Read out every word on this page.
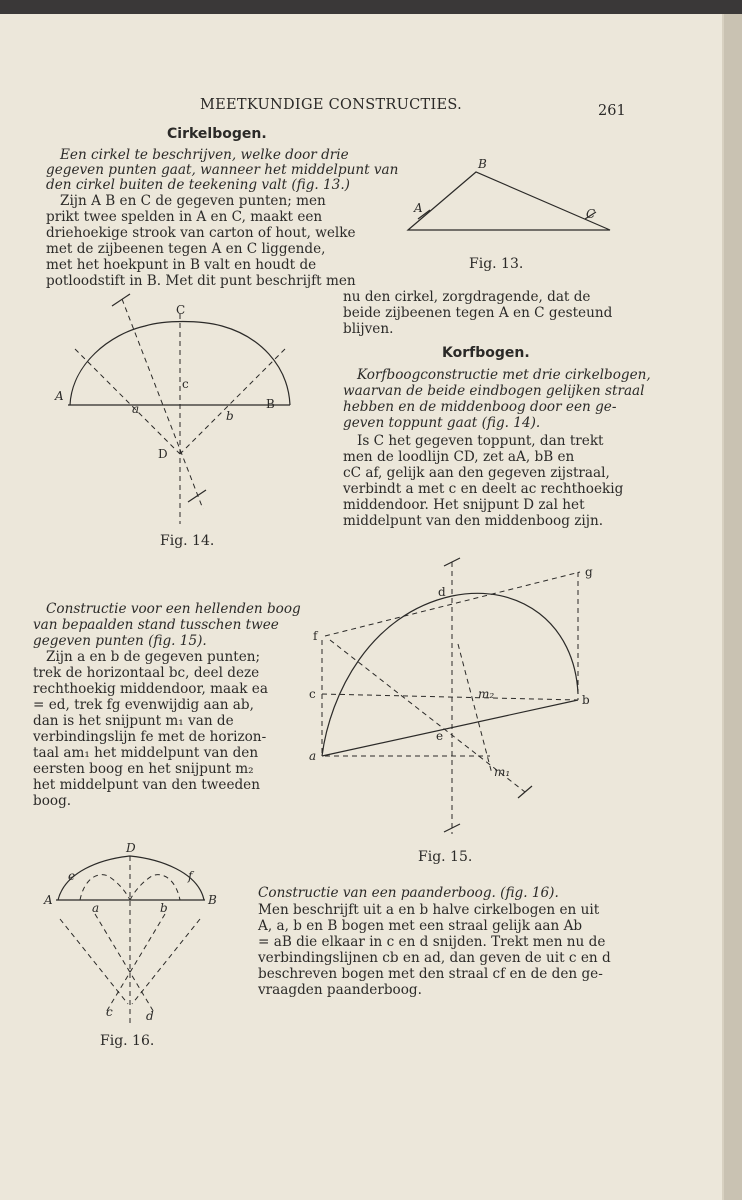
MEETKUNDIGE CONSTRUCTIES.	261
Cirkelbogen.
Een cirkel te beschrijven, welke door drie
gegeven punten gaat, wanneer het middelpunt van
den cirkel buiten de teekening valt (fig. 13.)
Zijn A B en C de gegeven punten; men
prikt twee spelden in A en C, maakt een
driehoekige strook van carton of hout, welke
met de zijbeenen tegen A en C liggende,
met het hoekpunt in B valt en houdt de
potloodstift in B. Met dit punt beschrijft men
nu den cirkel, zorgdragende, dat de
beide zijbeenen tegen A en C gesteund
blijven.
Korfbogen.
Korfboogconstructie met drie cirkelbogen,
waarvan de beide eindbogen gelijken straal
hebben en de middenboog door een ge-
geven toppunt gaat (fig. 14).
Is C het gegeven toppunt, dan trekt
men de loodlijn CD, zet aA, bB en
cC af, gelijk aan den gegeven zijstraal,
verbindt a met c en deelt ac rechthoekig
middendoor. Het snijpunt D zal het
middelpunt van den middenboog zijn.
Constructie voor een hellenden boog
van bepaalden stand tusschen twee
gegeven punten (fig. 15).
Zijn a en b de gegeven punten;
trek de horizontaal bc, deel deze
rechthoekig middendoor, maak ea
= ed, trek fg evenwijdig aan ab,
dan is het snijpunt m₁ van de
verbindingslijn fe met de horizon-
taal am₁ het middelpunt van den
eersten boog en het snijpunt m₂
het middelpunt van den tweeden
boog.
Constructie van een paanderboog. (fig. 16).
Men beschrijft uit a en b halve cirkelbogen en uit
A, a, b en B bogen met een straal gelijk aan Ab
= aB die elkaar in c en d snijden. Trekt men nu de
verbindingslijnen cb en ad, dan geven de uit c en d
beschreven bogen met den straal cf en de den ge-
vraagden paanderboog.
Fig. 13.
Fig. 14.
Fig. 15.
Fig. 16.
B
A	C
A
B
C
D
a	b
c
a
b
c
d
e
f
g
m₁
m₂
D
A	B
a	b
c	d
e	f
